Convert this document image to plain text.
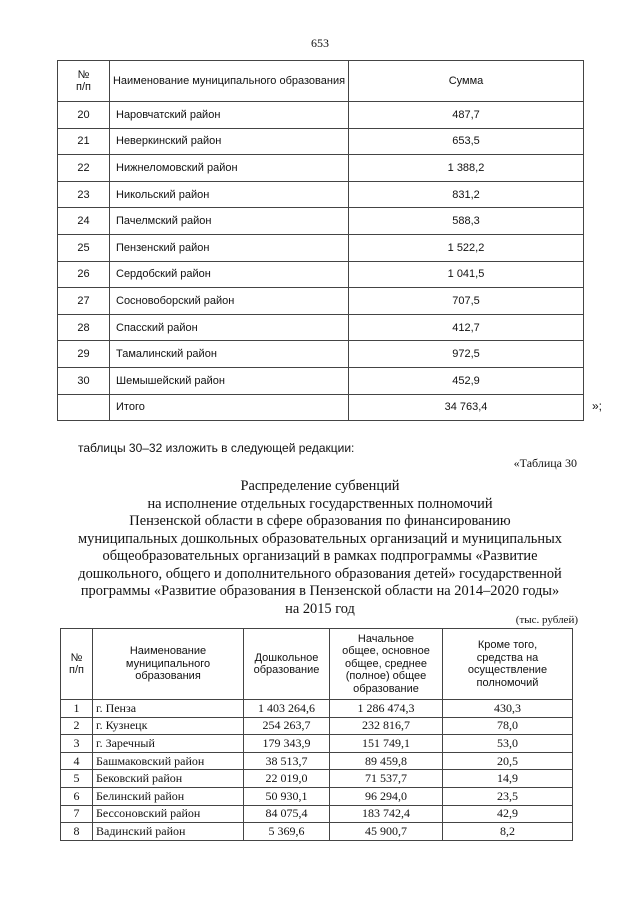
653
№
п/п	Наименование муниципального образования	Сумма
20	Наровчатский район	487,7
21	Неверкинский район	653,5
22	Нижнеломовский район	1 388,2
23	Никольский район	831,2
24	Пачелмский район	588,3
25	Пензенский район	1 522,2
26	Сердобский район	1 041,5
27	Сосновоборский район	707,5
28	Спасский район	412,7
29	Тамалинский район	972,5
30	Шемышейский район	452,9
	Итого	34 763,4	»;
таблицы 30–32 изложить в следующей редакции:
«Таблица 30
Распределение субвенций
на исполнение отдельных государственных полномочий
Пензенской области в сфере образования по финансированию
муниципальных дошкольных образовательных организаций и муниципальных
общеобразовательных организаций в рамках подпрограммы «Развитие
дошкольного, общего и дополнительного образования детей» государственной
программы «Развитие образования в Пензенской области на 2014–2020 годы»
на 2015 год
(тыс. рублей)
№
п/п	Наименование
муниципального
образования	Дошкольное
образование	Начальное
общее, основное
общее, среднее
(полное) общее
образование	Кроме того,
средства на
осуществление
полномочий
1	г. Пенза	1 403 264,6	1 286 474,3	430,3
2	г. Кузнецк	254 263,7	232 816,7	78,0
3	г. Заречный	179 343,9	151 749,1	53,0
4	Башмаковский район	38 513,7	89 459,8	20,5
5	Бековский район	22 019,0	71 537,7	14,9
6	Белинский район	50 930,1	96 294,0	23,5
7	Бессоновский район	84 075,4	183 742,4	42,9
8	Вадинский район	5 369,6	45 900,7	8,2
